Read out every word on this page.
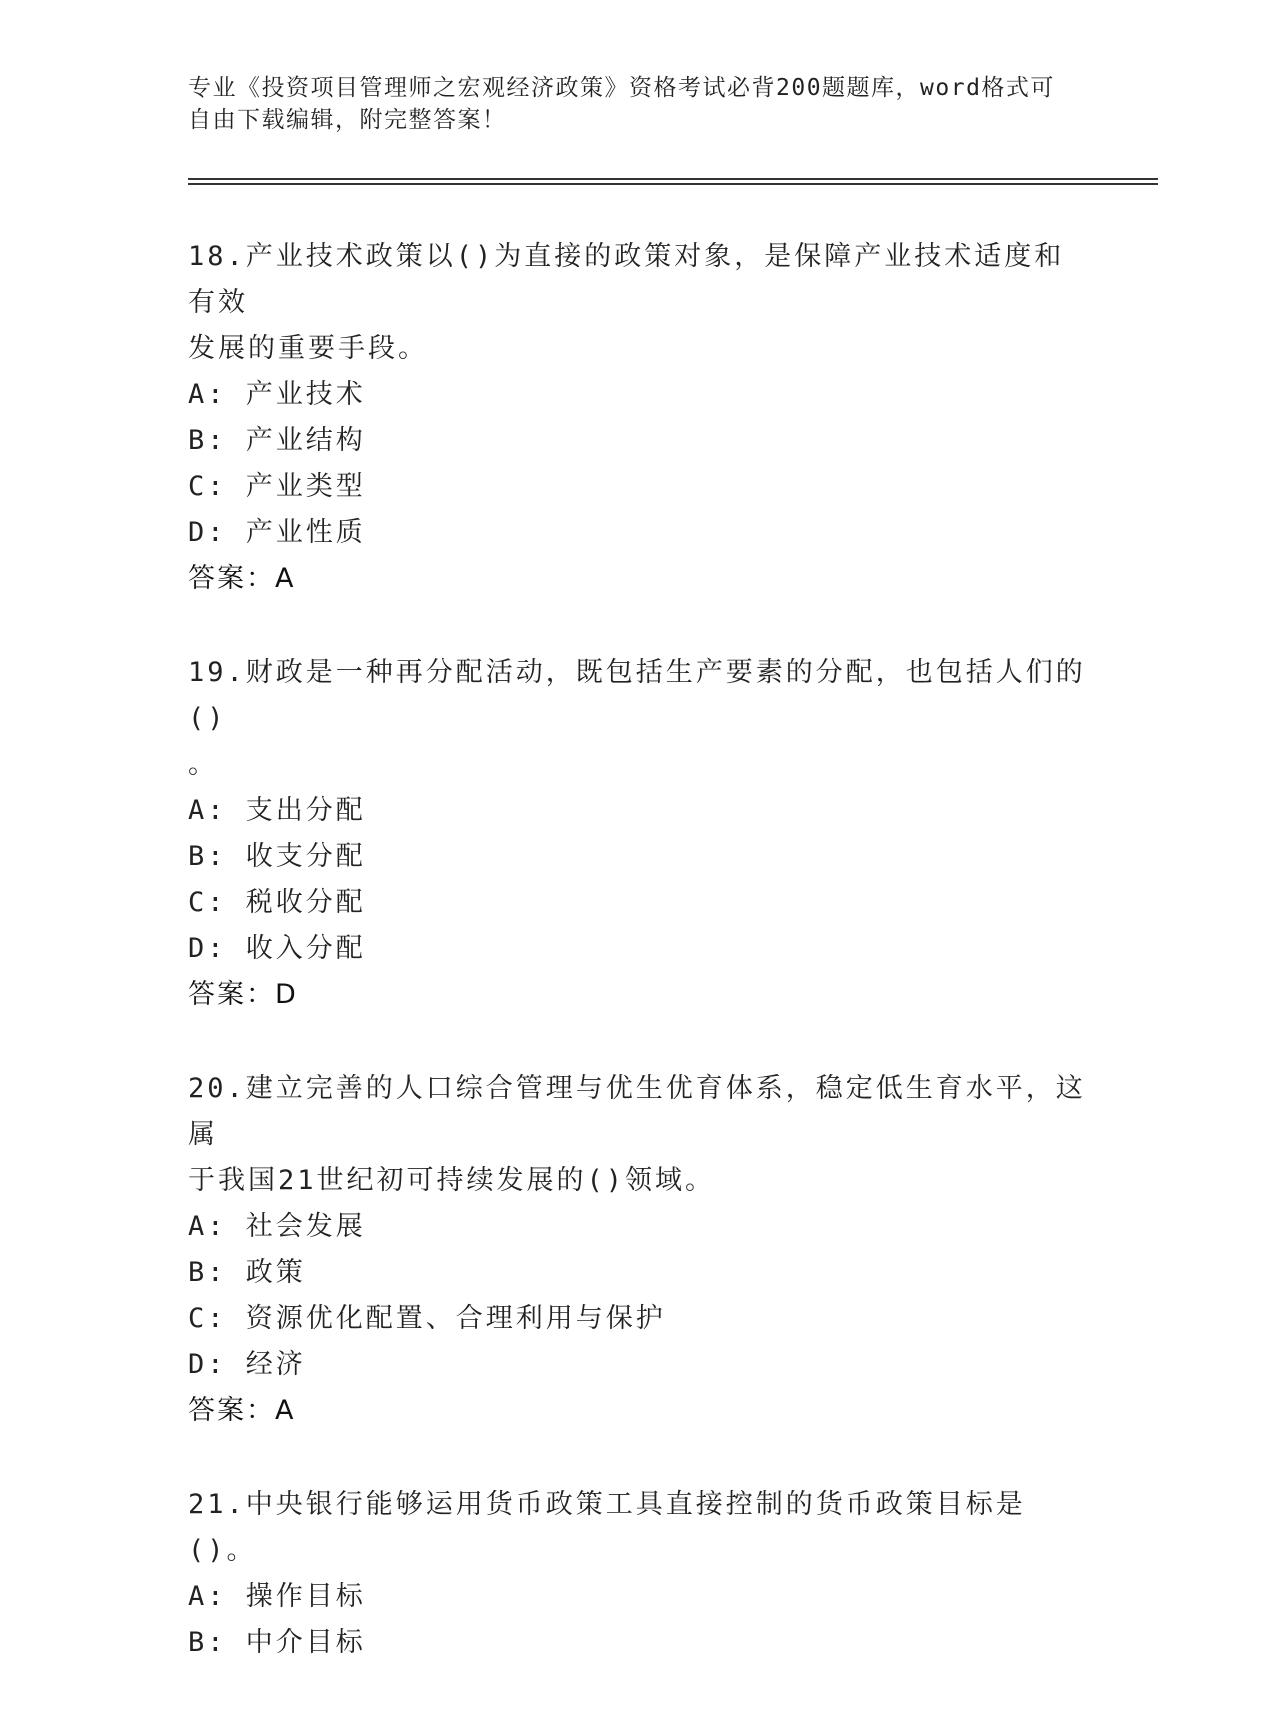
专业《投资项目管理师之宏观经济政策》资格考试必背200题题库，word格式可
自由下载编辑，附完整答案！
18.产业技术政策以()为直接的政策对象，是保障产业技术适度和有效
发展的重要手段。
A: 产业技术
B: 产业结构
C: 产业类型
D: 产业性质
答案：A
19.财政是一种再分配活动，既包括生产要素的分配，也包括人们的()
。
A: 支出分配
B: 收支分配
C: 税收分配
D: 收入分配
答案：D
20.建立完善的人口综合管理与优生优育体系，稳定低生育水平，这属
于我国21世纪初可持续发展的()领域。
A: 社会发展
B: 政策
C: 资源优化配置、合理利用与保护
D: 经济
答案：A
21.中央银行能够运用货币政策工具直接控制的货币政策目标是()。
A: 操作目标
B: 中介目标
